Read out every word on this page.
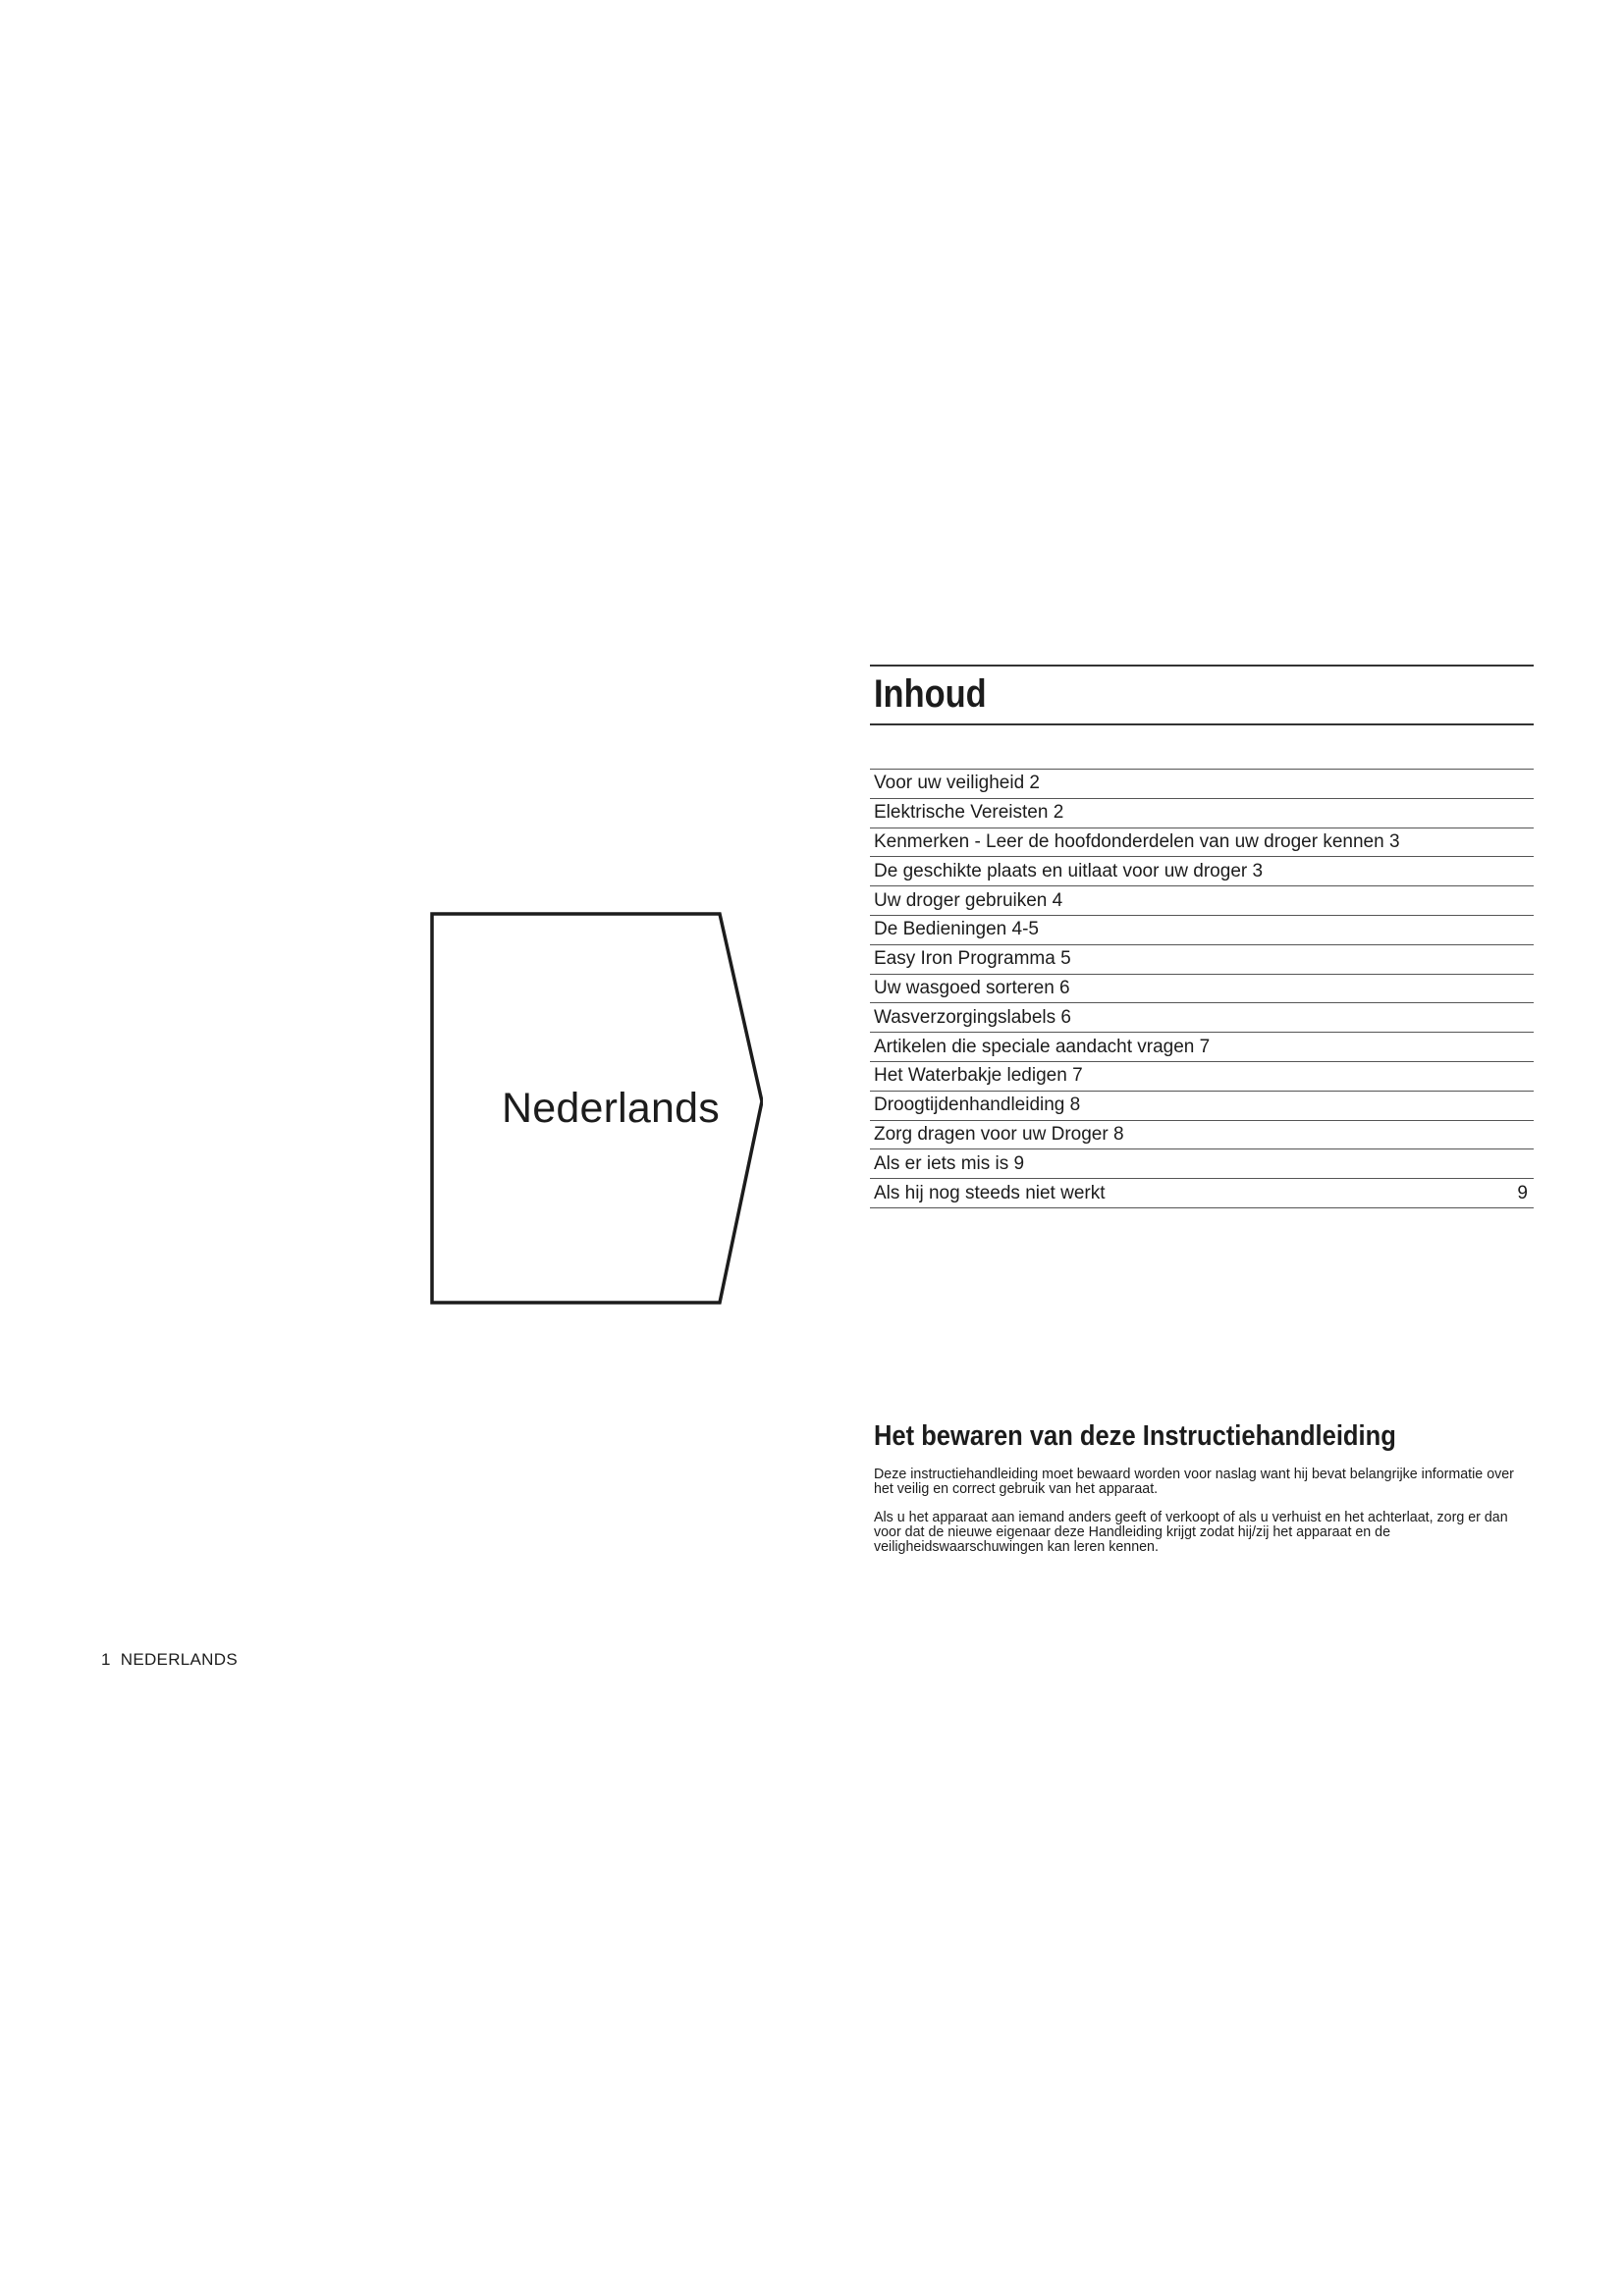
Nederlands
Inhoud
Voor uw veiligheid 2
Elektrische Vereisten 2
Kenmerken - Leer de hoofdonderdelen van uw droger kennen 3
De geschikte plaats en uitlaat voor uw droger 3
Uw droger gebruiken 4
De Bedieningen 4-5
Easy Iron Programma 5
Uw wasgoed sorteren 6
Wasverzorgingslabels 6
Artikelen die speciale aandacht vragen 7
Het Waterbakje ledigen 7
Droogtijdenhandleiding 8
Zorg dragen voor uw Droger 8
Als er iets mis is 9
Als hij nog steeds niet werkt	9
Het bewaren van deze Instructiehandleiding

Deze instructiehandleiding moet bewaard worden voor naslag want hij bevat belangrijke informatie over het veilig en correct gebruik van het apparaat.

Als u het apparaat aan iemand anders geeft of verkoopt of als u verhuist en het achterlaat, zorg er dan voor dat de nieuwe eigenaar deze Handleiding krijgt zodat hij/zij het apparaat en de veiligheidswaarschuwingen kan leren kennen.

1 NEDERLANDS
